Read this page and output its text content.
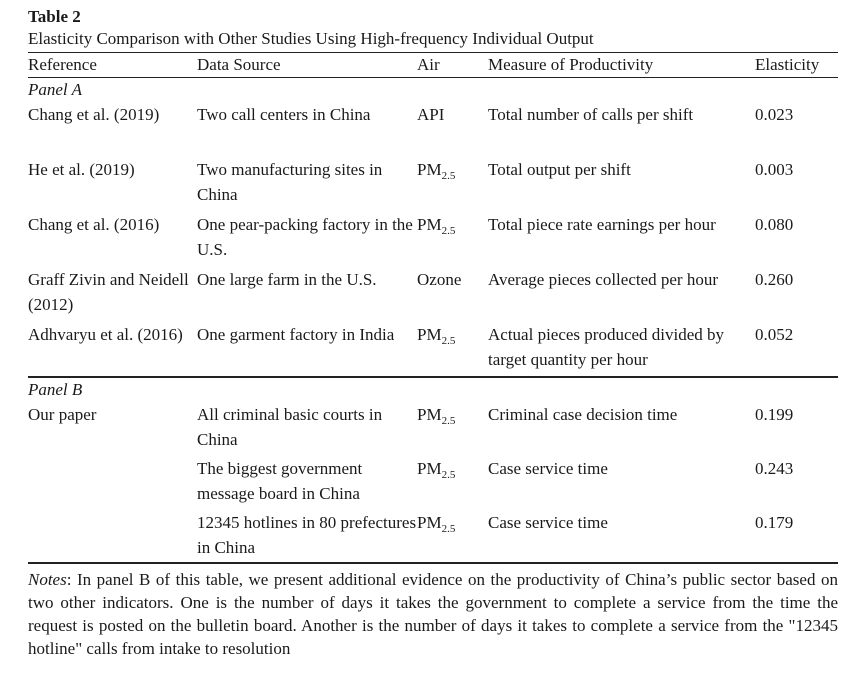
Table 2
Elasticity Comparison with Other Studies Using High-frequency Individual Output
Reference	Data Source	Air	Measure of Productivity	Elasticity
Panel A				
Chang et al. (2019)	Two call centers in China	API	Total number of calls per shift	0.023
He et al. (2019)	Two manufacturing sites in China	$PM_{2.5}$	Total output per shift	0.003
Chang et al. (2016)	One pear-packing factory in the U.S.	$PM_{2.5}$	Total piece rate earnings per hour	0.080
Graff Zivin and Neidell (2012)	One large farm in the U.S.	Ozone	Average pieces collected per hour	0.260
Adhvaryu et al. (2016)	One garment factory in India	$PM_{2.5}$	Actual pieces produced divided by target quantity per hour	0.052
Panel B				
Our paper	All criminal basic courts in China	$PM_{2.5}$	Criminal case decision time	0.199
	The biggest government message board in China	$PM_{2.5}$	Case service time	0.243
	12345 hotlines in 80 prefectures in China	$PM_{2.5}$	Case service time	0.179
Notes: In panel B of this table, we present additional evidence on the productivity of China’s public sector based on two other indicators. One is the number of days it takes the government to complete a service from the time the request is posted on the bulletin board. Another is the number of days it takes to complete a service from the "12345 hotline" calls from intake to resolution
